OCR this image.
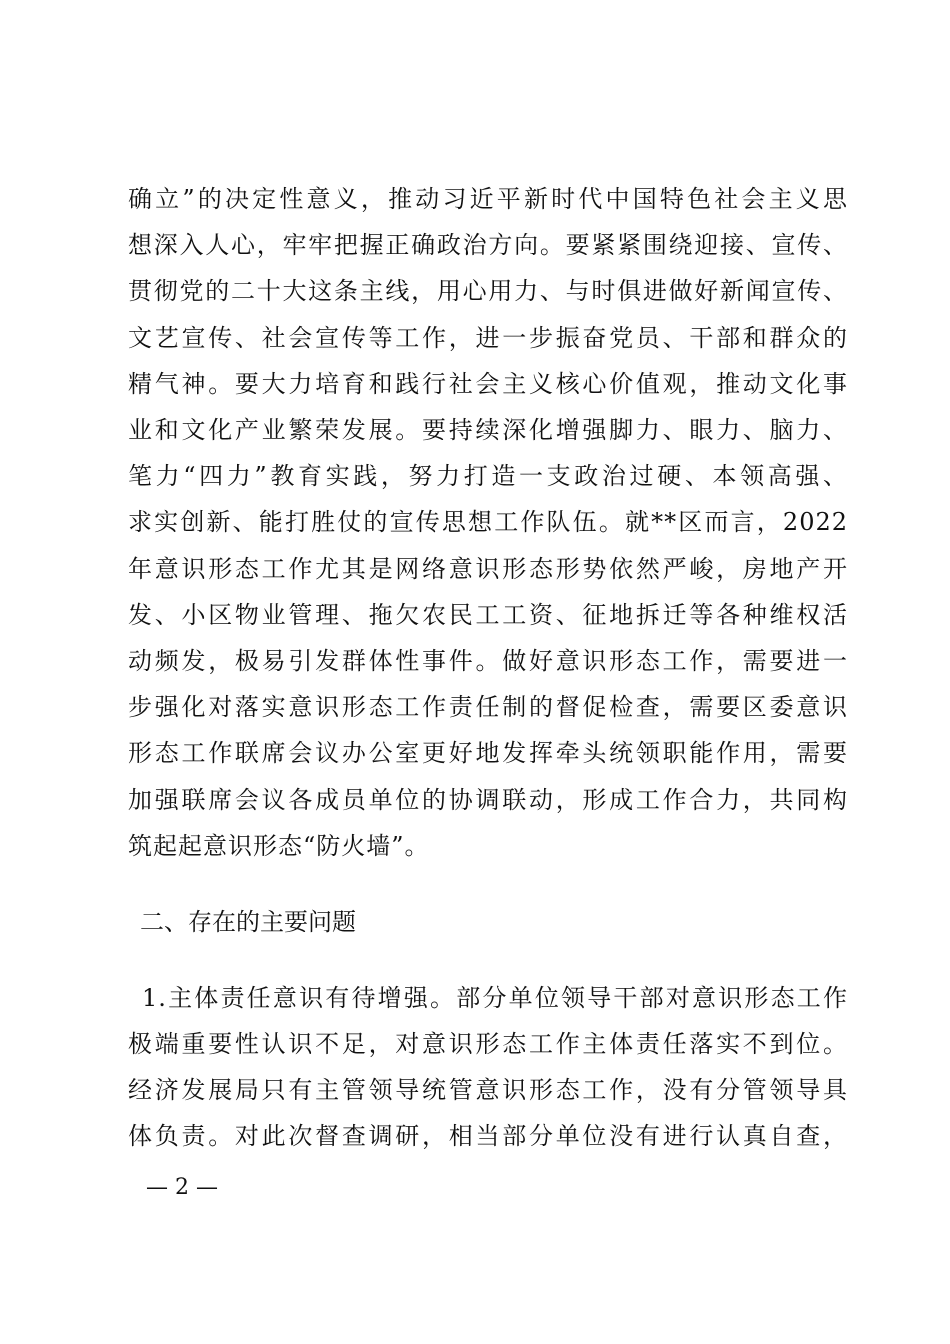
确立”的决定性意义，推动习近平新时代中国特色社会主义思
想深入人心，牢牢把握正确政治方向。要紧紧围绕迎接、宣传、
贯彻党的二十大这条主线，用心用力、与时俱进做好新闻宣传、
文艺宣传、社会宣传等工作，进一步振奋党员、干部和群众的
精气神。要大力培育和践行社会主义核心价值观，推动文化事
业和文化产业繁荣发展。要持续深化增强脚力、眼力、脑力、
笔力“四力”教育实践，努力打造一支政治过硬、本领高强、
求实创新、能打胜仗的宣传思想工作队伍。就**区而言，2022
年意识形态工作尤其是网络意识形态形势依然严峻，房地产开
发、小区物业管理、拖欠农民工工资、征地拆迁等各种维权活
动频发，极易引发群体性事件。做好意识形态工作，需要进一
步强化对落实意识形态工作责任制的督促检查，需要区委意识
形态工作联席会议办公室更好地发挥牵头统领职能作用，需要
加强联席会议各成员单位的协调联动，形成工作合力，共同构
筑起起意识形态“防火墙”。
二、存在的主要问题
1.主体责任意识有待增强。部分单位领导干部对意识形态工作
极端重要性认识不足，对意识形态工作主体责任落实不到位。
经济发展局只有主管领导统管意识形态工作，没有分管领导具
体负责。对此次督查调研，相当部分单位没有进行认真自查，
— 2 —
